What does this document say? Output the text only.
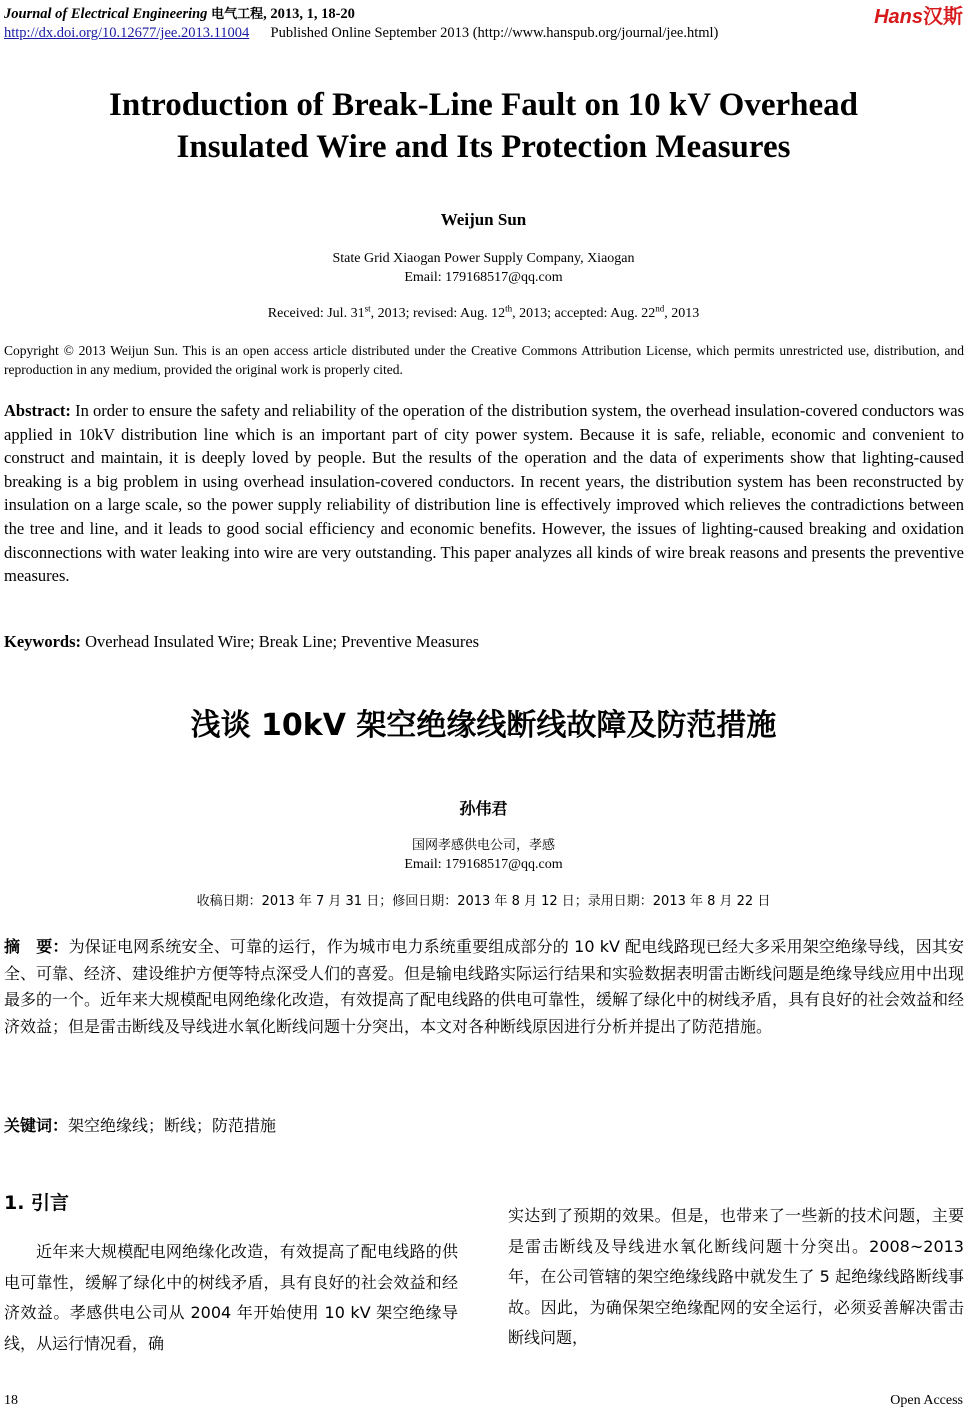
Journal of Electrical Engineering 电气工程, 2013, 1, 18-20	Hans汉斯
http://dx.doi.org/10.12677/jee.2013.11004 Published Online September 2013 (http://www.hanspub.org/journal/jee.html)
Introduction of Break-Line Fault on 10 kV Overhead
Insulated Wire and Its Protection Measures
Weijun Sun
State Grid Xiaogan Power Supply Company, Xiaogan
Email: 179168517@qq.com
Received: Jul. 31st, 2013; revised: Aug. 12th, 2013; accepted: Aug. 22nd, 2013
Copyright © 2013 Weijun Sun. This is an open access article distributed under the Creative Commons Attribution License, which permits unrestricted use, distribution, and reproduction in any medium, provided the original work is properly cited.
Abstract: In order to ensure the safety and reliability of the operation of the distribution system, the overhead insulation-covered conductors was applied in 10kV distribution line which is an important part of city power system. Because it is safe, reliable, economic and convenient to construct and maintain, it is deeply loved by people. But the results of the operation and the data of experiments show that lighting-caused breaking is a big problem in using overhead insulation-covered conductors. In recent years, the distribution system has been reconstructed by insulation on a large scale, so the power supply reliability of distribution line is effectively improved which relieves the contradictions between the tree and line, and it leads to good social efficiency and economic benefits. However, the issues of lighting-caused breaking and oxidation disconnections with water leaking into wire are very outstanding. This paper analyzes all kinds of wire break reasons and presents the preventive measures.
Keywords: Overhead Insulated Wire; Break Line; Preventive Measures
浅谈 10kV 架空绝缘线断线故障及防范措施
孙伟君
国网孝感供电公司，孝感
Email: 179168517@qq.com
收稿日期：2013 年 7 月 31 日；修回日期：2013 年 8 月 12 日；录用日期：2013 年 8 月 22 日
摘　要：为保证电网系统安全、可靠的运行，作为城市电力系统重要组成部分的 10 kV 配电线路现已经大多采用架空绝缘导线，因其安全、可靠、经济、建设维护方便等特点深受人们的喜爱。但是输电线路实际运行结果和实验数据表明雷击断线问题是绝缘导线应用中出现最多的一个。近年来大规模配电网绝缘化改造，有效提高了配电线路的供电可靠性，缓解了绿化中的树线矛盾，具有良好的社会效益和经济效益；但是雷击断线及导线进水氧化断线问题十分突出，本文对各种断线原因进行分析并提出了防范措施。
关键词：架空绝缘线；断线；防范措施
1. 引言
近年来大规模配电网绝缘化改造，有效提高了配电线路的供电可靠性，缓解了绿化中的树线矛盾，具有良好的社会效益和经济效益。孝感供电公司从 2004 年开始使用 10 kV 架空绝缘导线，从运行情况看，确
实达到了预期的效果。但是，也带来了一些新的技术问题，主要是雷击断线及导线进水氧化断线问题十分突出。2008~2013 年，在公司管辖的架空绝缘线路中就发生了 5 起绝缘线路断线事故。因此，为确保架空绝缘配网的安全运行，必须妥善解决雷击断线问题，
18	Open Access
